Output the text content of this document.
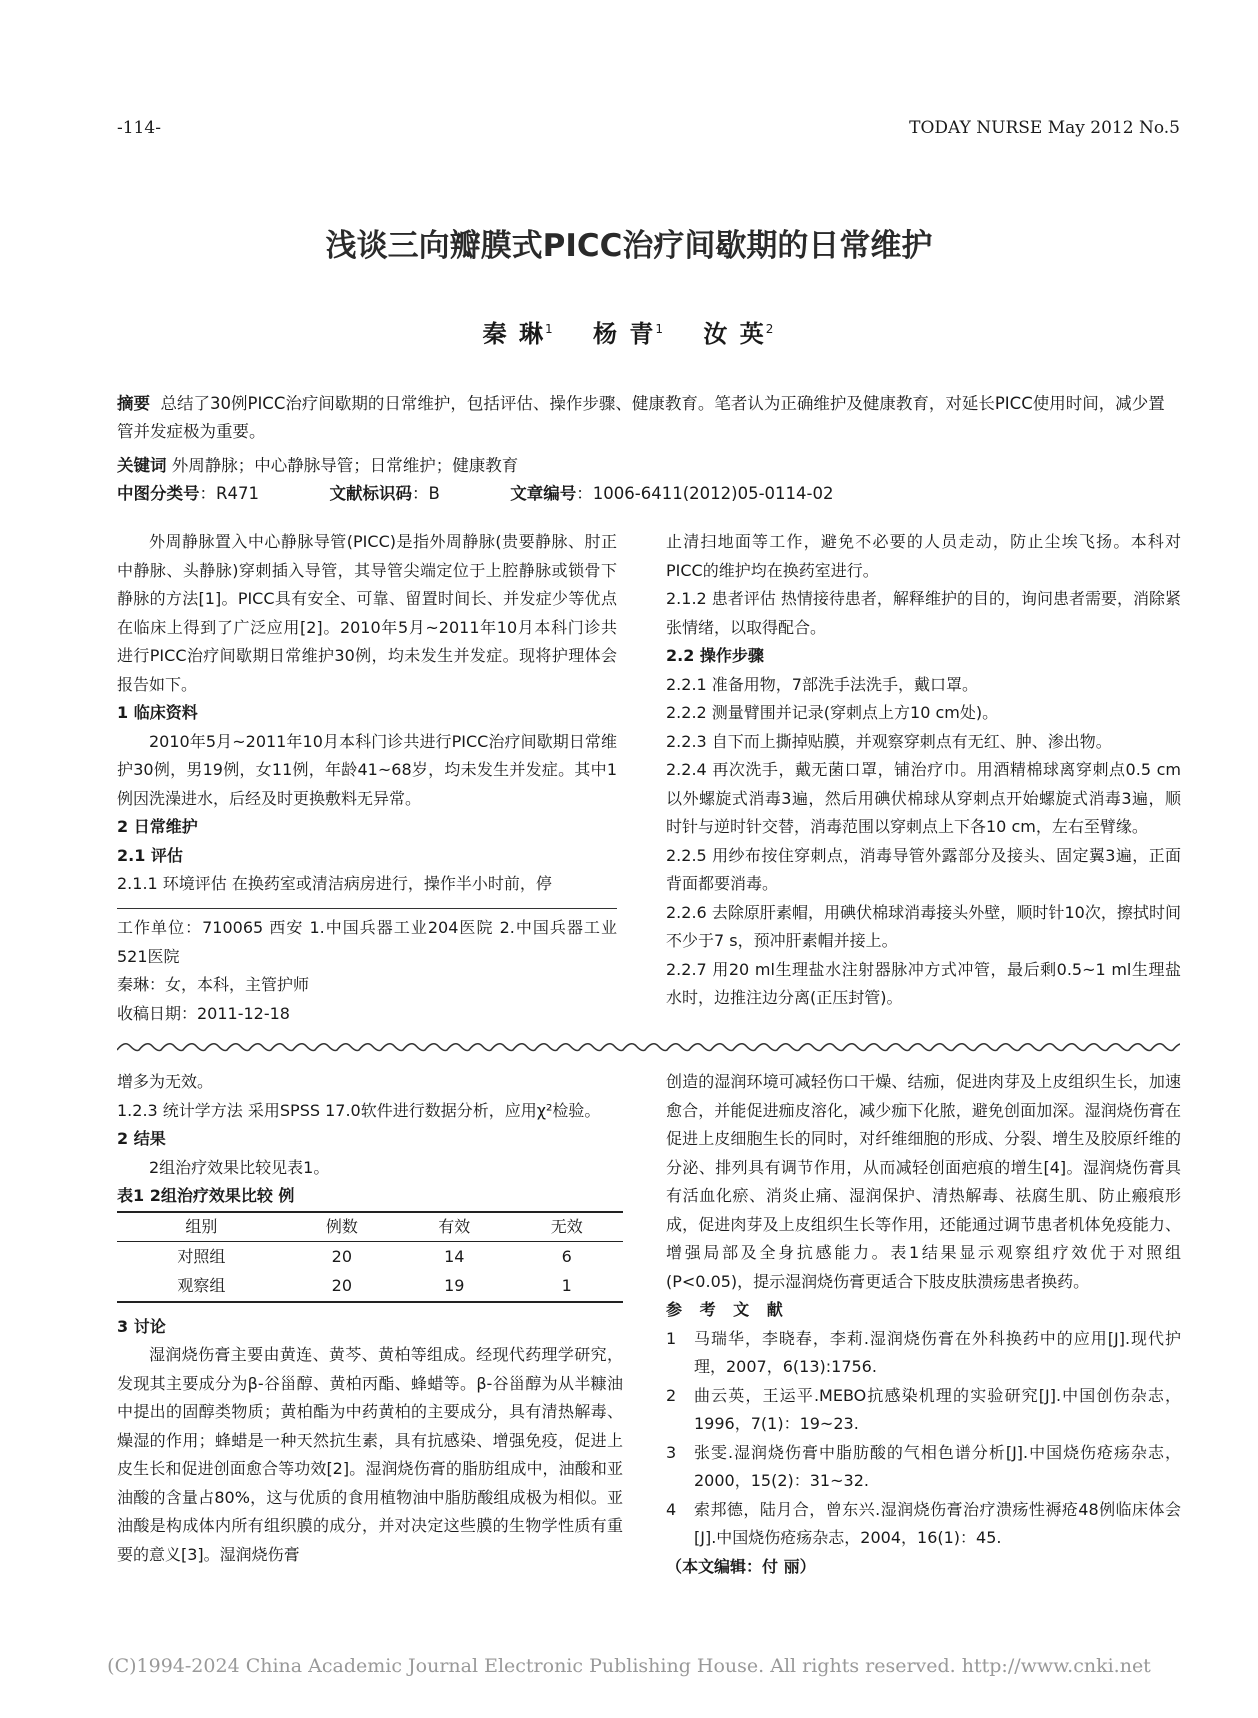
-114-	TODAY NURSE May 2012 No.5
浅谈三向瓣膜式PICC治疗间歇期的日常维护
秦 琳$^1$ 杨 青$^1$ 汝 英$^2$
摘要 总结了30例PICC治疗间歇期的日常维护，包括评估、操作步骤、健康教育。笔者认为正确维护及健康教育，对延长PICC使用时间，减少置管并发症极为重要。
关键词 外周静脉；中心静脉导管；日常维护；健康教育
中图分类号：R471	文献标识码：B	文章编号：1006-6411(2012)05-0114-02

外周静脉置入中心静脉导管(PICC)是指外周静脉(贵要静脉、肘正中静脉、头静脉)穿刺插入导管，其导管尖端定位于上腔静脉或锁骨下静脉的方法[1]。PICC具有安全、可靠、留置时间长、并发症少等优点在临床上得到了广泛应用[2]。2010年5月~2011年10月本科门诊共进行PICC治疗间歇期日常维护30例，均未发生并发症。现将护理体会报告如下。

1 临床资料

2010年5月~2011年10月本科门诊共进行PICC治疗间歇期日常维护30例，男19例，女11例，年龄41~68岁，均未发生并发症。其中1例因洗澡进水，后经及时更换敷料无异常。

2 日常维护

2.1 评估

2.1.1 环境评估 在换药室或清洁病房进行，操作半小时前，停

工作单位：710065 西安 1.中国兵器工业204医院 2.中国兵器工业521医院

秦琳：女，本科，主管护师

收稿日期：2011-12-18

止清扫地面等工作，避免不必要的人员走动，防止尘埃飞扬。本科对PICC的维护均在换药室进行。

2.1.2 患者评估 热情接待患者，解释维护的目的，询问患者需要，消除紧张情绪，以取得配合。

2.2 操作步骤

2.2.1 准备用物，7部洗手法洗手，戴口罩。

2.2.2 测量臂围并记录(穿刺点上方10 cm处)。

2.2.3 自下而上撕掉贴膜，并观察穿刺点有无红、肿、渗出物。

2.2.4 再次洗手，戴无菌口罩，铺治疗巾。用酒精棉球离穿刺点0.5 cm以外螺旋式消毒3遍，然后用碘伏棉球从穿刺点开始螺旋式消毒3遍，顺时针与逆时针交替，消毒范围以穿刺点上下各10 cm，左右至臂缘。

2.2.5 用纱布按住穿刺点，消毒导管外露部分及接头、固定翼3遍，正面背面都要消毒。

2.2.6 去除原肝素帽，用碘伏棉球消毒接头外壁，顺时针10次，擦拭时间不少于7 s，预冲肝素帽并接上。

2.2.7 用20 ml生理盐水注射器脉冲方式冲管，最后剩0.5~1 ml生理盐水时，边推注边分离(正压封管)。

增多为无效。

1.2.3 统计学方法 采用SPSS 17.0软件进行数据分析，应用χ²检验。

2 结果

2组治疗效果比较见表1。

表1 2组治疗效果比较 例

组别	例数	有效	无效
对照组	20	14	6
观察组	20	19	1

3 讨论

湿润烧伤膏主要由黄连、黄芩、黄柏等组成。经现代药理学研究，发现其主要成分为β-谷甾醇、黄柏丙酯、蜂蜡等。β-谷甾醇为从半糠油中提出的固醇类物质；黄柏酯为中药黄柏的主要成分，具有清热解毒、燥湿的作用；蜂蜡是一种天然抗生素，具有抗感染、增强免疫，促进上皮生长和促进创面愈合等功效[2]。湿润烧伤膏的脂肪组成中，油酸和亚油酸的含量占80%，这与优质的食用植物油中脂肪酸组成极为相似。亚油酸是构成体内所有组织膜的成分，并对决定这些膜的生物学性质有重要的意义[3]。湿润烧伤膏

创造的湿润环境可减轻伤口干燥、结痂，促进肉芽及上皮组织生长，加速愈合，并能促进痂皮溶化，减少痂下化脓，避免创面加深。湿润烧伤膏在促进上皮细胞生长的同时，对纤维细胞的形成、分裂、增生及胶原纤维的分泌、排列具有调节作用，从而减轻创面疤痕的增生[4]。湿润烧伤膏具有活血化瘀、消炎止痛、湿润保护、清热解毒、祛腐生肌、防止瘢痕形成，促进肉芽及上皮组织生长等作用，还能通过调节患者机体免疫能力、增强局部及全身抗感能力。表1结果显示观察组疗效优于对照组(P<0.05)，提示湿润烧伤膏更适合下肢皮肤溃疡患者换药。

参 考 文 献

1	马瑞华，李晓春，李莉.湿润烧伤膏在外科换药中的应用[J].现代护理，2007，6(13):1756.
2	曲云英，王运平.MEBO抗感染机理的实验研究[J].中国创伤杂志，1996，7(1)：19~23.
3	张雯.湿润烧伤膏中脂肪酸的气相色谱分析[J].中国烧伤疮疡杂志，2000，15(2)：31~32.
4	索邦德，陆月合，曾东兴.湿润烧伤膏治疗溃疡性褥疮48例临床体会[J].中国烧伤疮疡杂志，2004，16(1)：45.

（本文编辑：付 丽）

(C)1994-2024 China Academic Journal Electronic Publishing House. All rights reserved. http://www.cnki.net
